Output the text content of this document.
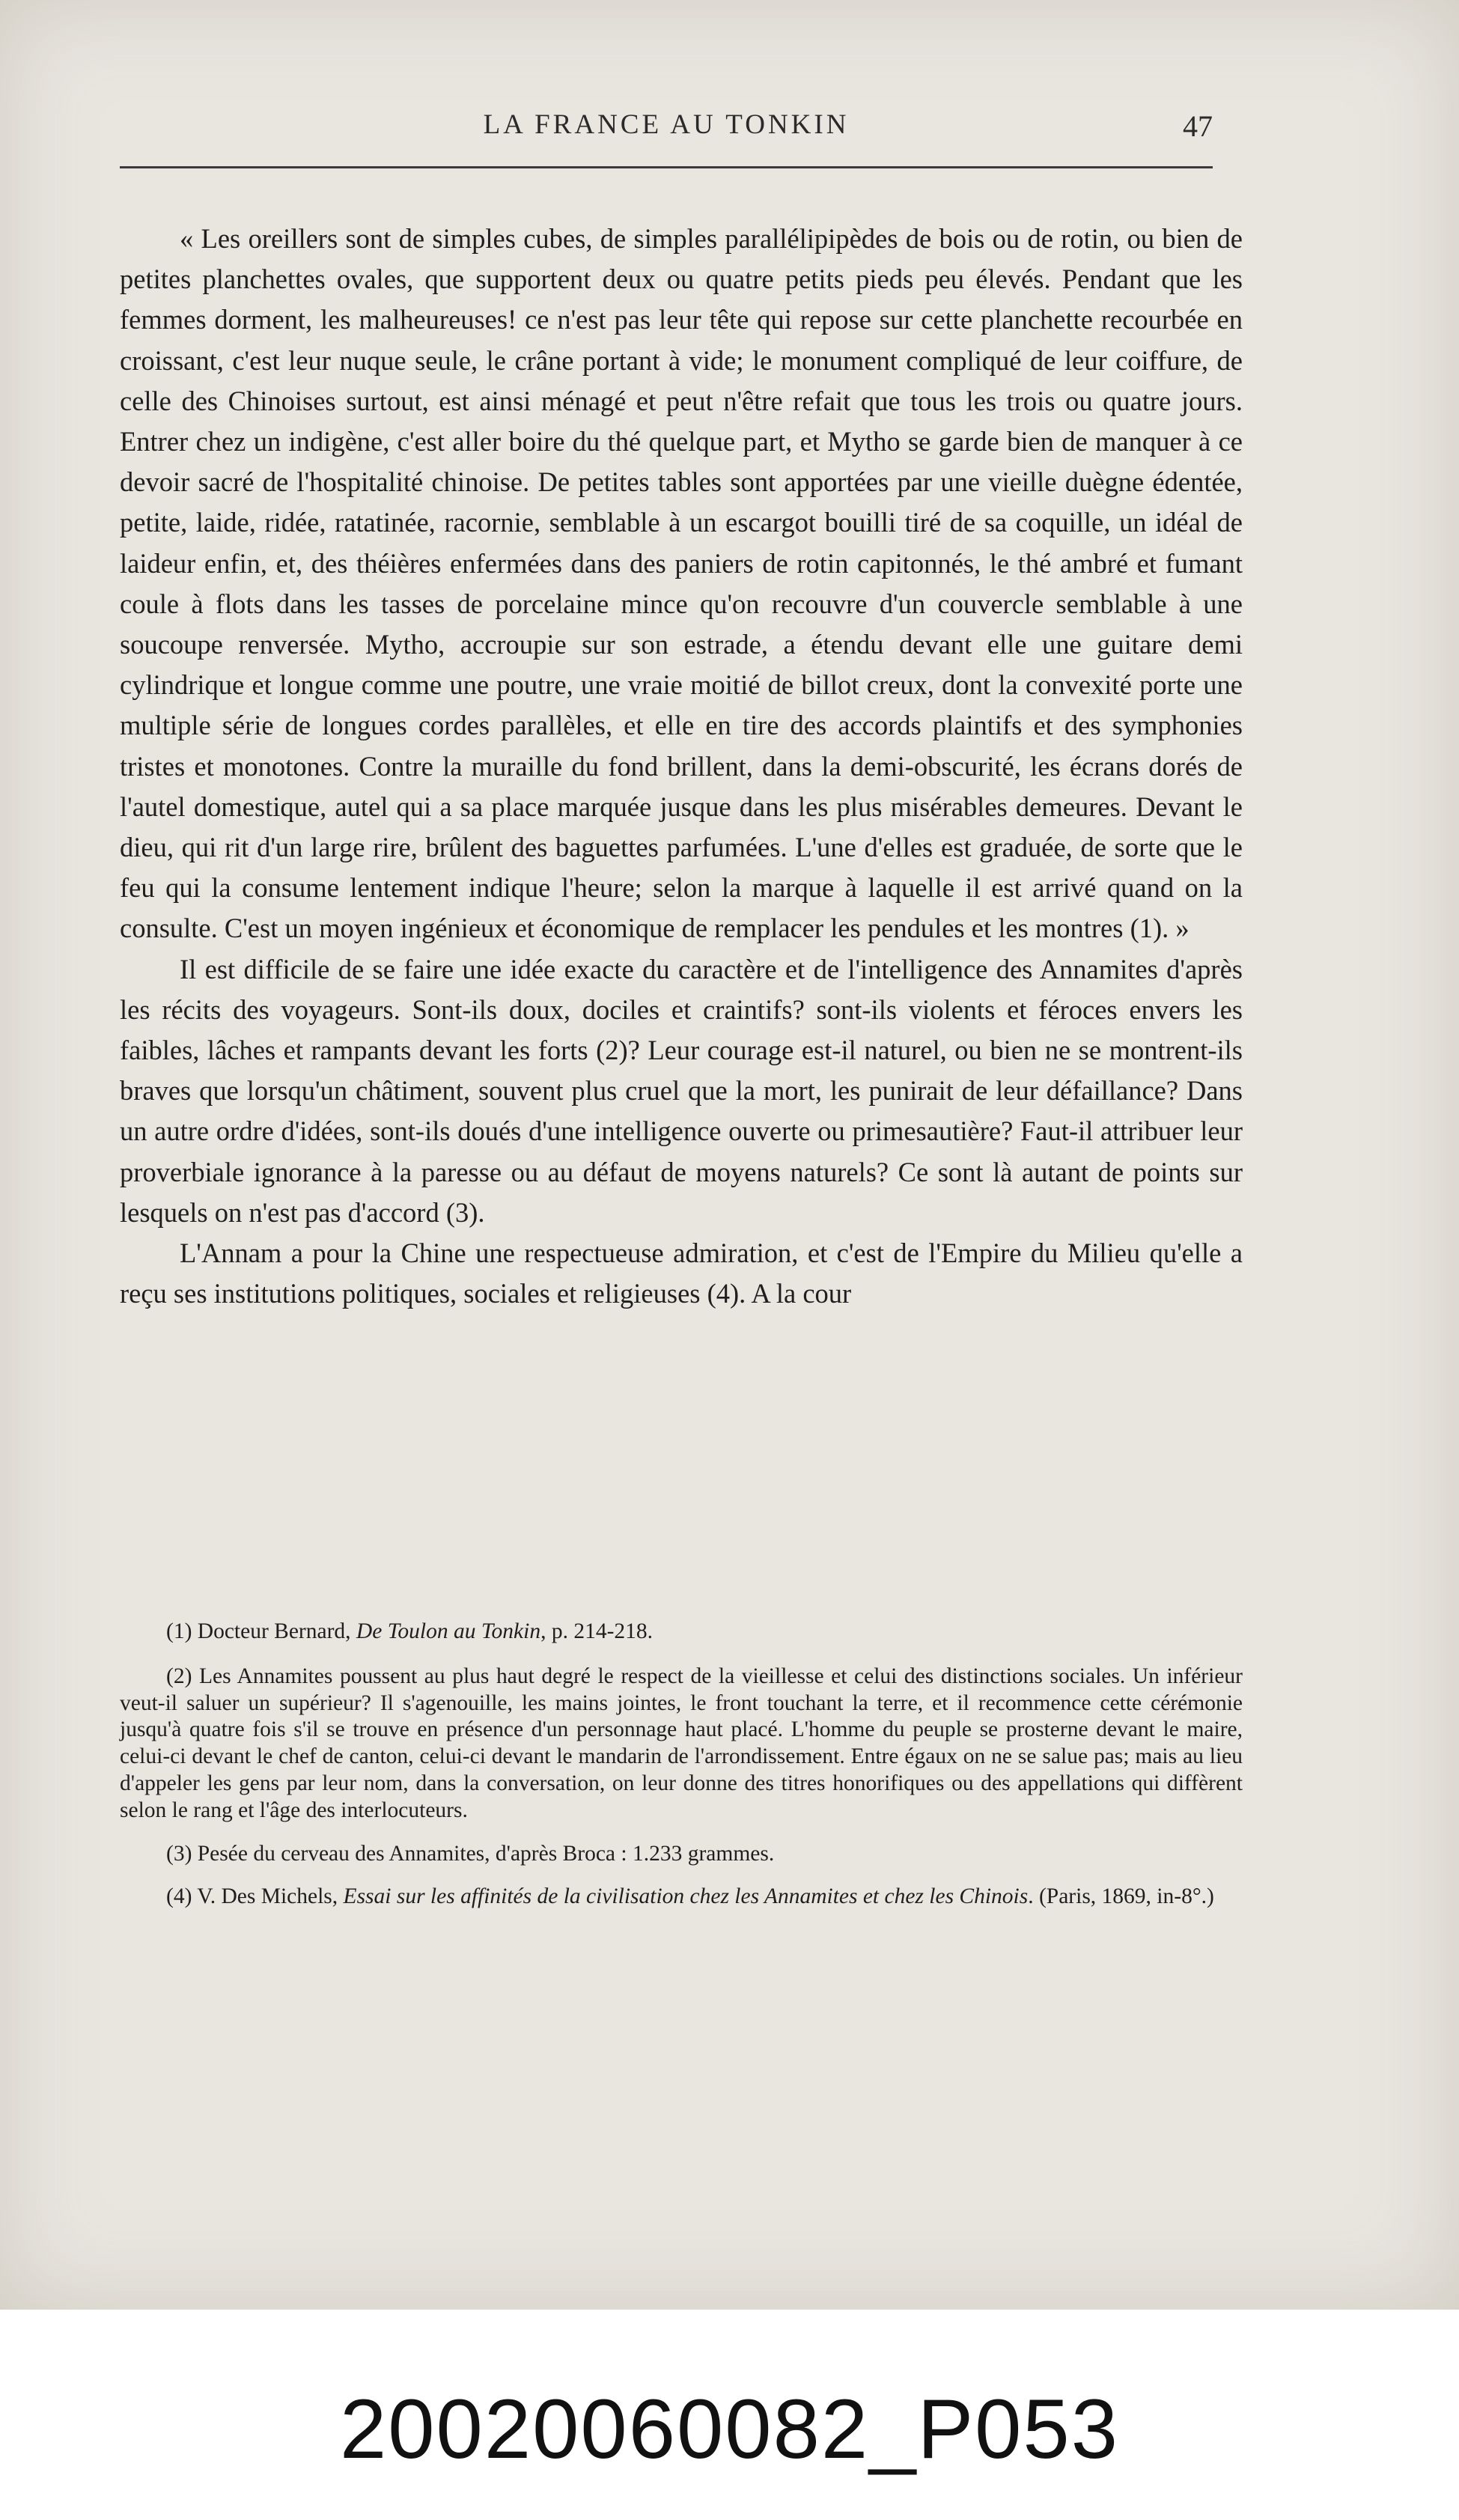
LA FRANCE AU TONKIN	47

« Les oreillers sont de simples cubes, de simples parallélipipèdes de bois ou de rotin, ou bien de petites planchettes ovales, que supportent deux ou quatre petits pieds peu élevés. Pendant que les femmes dorment, les malheureuses! ce n'est pas leur tête qui repose sur cette planchette recourbée en croissant, c'est leur nuque seule, le crâne portant à vide; le monument compliqué de leur coiffure, de celle des Chinoises surtout, est ainsi ménagé et peut n'être refait que tous les trois ou quatre jours. Entrer chez un indigène, c'est aller boire du thé quelque part, et Mytho se garde bien de manquer à ce devoir sacré de l'hospitalité chinoise. De petites tables sont apportées par une vieille duègne édentée, petite, laide, ridée, ratatinée, racornie, semblable à un escargot bouilli tiré de sa coquille, un idéal de laideur enfin, et, des théières enfermées dans des paniers de rotin capitonnés, le thé ambré et fumant coule à flots dans les tasses de porcelaine mince qu'on recouvre d'un couvercle semblable à une soucoupe renversée. Mytho, accroupie sur son estrade, a étendu devant elle une guitare demi cylindrique et longue comme une poutre, une vraie moitié de billot creux, dont la convexité porte une multiple série de longues cordes parallèles, et elle en tire des accords plaintifs et des symphonies tristes et monotones. Contre la muraille du fond brillent, dans la demi-obscurité, les écrans dorés de l'autel domestique, autel qui a sa place marquée jusque dans les plus misérables demeures. Devant le dieu, qui rit d'un large rire, brûlent des baguettes parfumées. L'une d'elles est graduée, de sorte que le feu qui la consume lentement indique l'heure; selon la marque à laquelle il est arrivé quand on la consulte. C'est un moyen ingénieux et économique de remplacer les pendules et les montres (1). »

Il est difficile de se faire une idée exacte du caractère et de l'intelligence des Annamites d'après les récits des voyageurs. Sont-ils doux, dociles et craintifs? sont-ils violents et féroces envers les faibles, lâches et rampants devant les forts (2)? Leur courage est-il naturel, ou bien ne se montrent-ils braves que lorsqu'un châtiment, souvent plus cruel que la mort, les punirait de leur défaillance? Dans un autre ordre d'idées, sont-ils doués d'une intelligence ouverte ou primesautière? Faut-il attribuer leur proverbiale ignorance à la paresse ou au défaut de moyens naturels? Ce sont là autant de points sur lesquels on n'est pas d'accord (3).

L'Annam a pour la Chine une respectueuse admiration, et c'est de l'Empire du Milieu qu'elle a reçu ses institutions politiques, sociales et religieuses (4). A la cour

(1) Docteur Bernard, De Toulon au Tonkin, p. 214-218.

(2) Les Annamites poussent au plus haut degré le respect de la vieillesse et celui des distinctions sociales. Un inférieur veut-il saluer un supérieur? Il s'agenouille, les mains jointes, le front touchant la terre, et il recommence cette cérémonie jusqu'à quatre fois s'il se trouve en présence d'un personnage haut placé. L'homme du peuple se prosterne devant le maire, celui-ci devant le chef de canton, celui-ci devant le mandarin de l'arrondissement. Entre égaux on ne se salue pas; mais au lieu d'appeler les gens par leur nom, dans la conversation, on leur donne des titres honorifiques ou des appellations qui diffèrent selon le rang et l'âge des interlocuteurs.

(3) Pesée du cerveau des Annamites, d'après Broca : 1.233 grammes.

(4) V. Des Michels, Essai sur les affinités de la civilisation chez les Annamites et chez les Chinois. (Paris, 1869, in-8°.)

20020060082_P053
